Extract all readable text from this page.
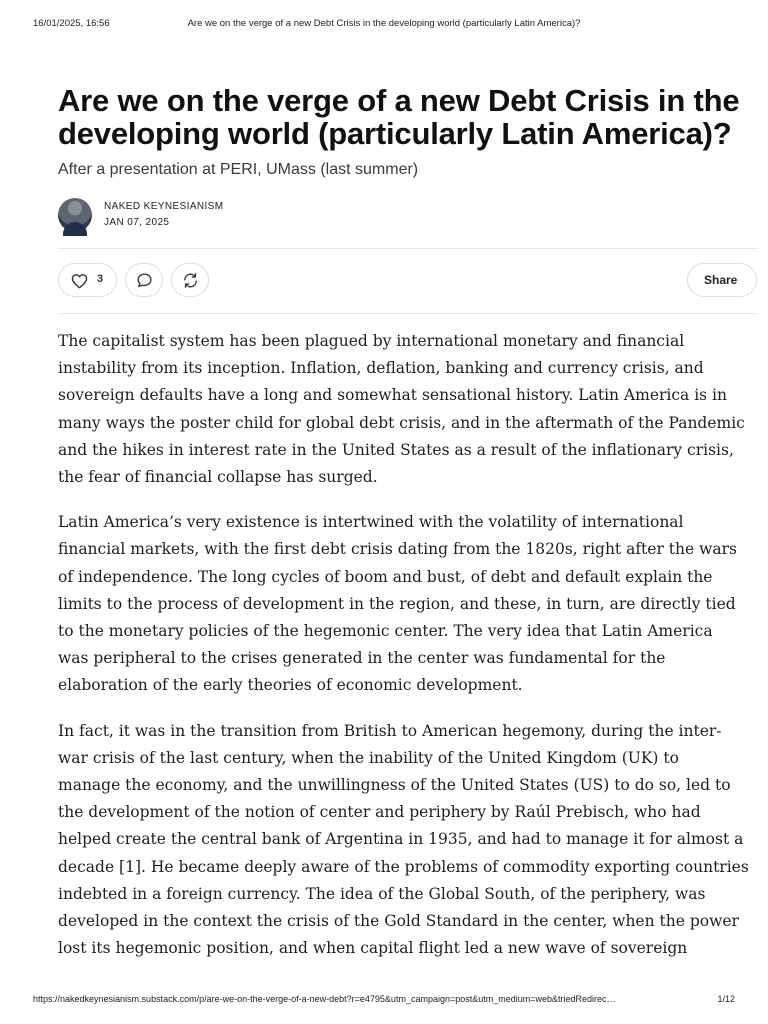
16/01/2025, 16:56	Are we on the verge of a new Debt Crisis in the developing world (particularly Latin America)?
Are we on the verge of a new Debt Crisis in the
developing world (particularly Latin America)?
After a presentation at PERI, UMass (last summer)
NAKED KEYNESIANISM
JAN 07, 2025
3	Share

The capitalist system has been plagued by international monetary and financial
instability from its inception. Inflation, deflation, banking and currency crisis, and
sovereign defaults have a long and somewhat sensational history. Latin America is in
many ways the poster child for global debt crisis, and in the aftermath of the Pandemic
and the hikes in interest rate in the United States as a result of the inflationary crisis,
the fear of financial collapse has surged.

Latin America’s very existence is intertwined with the volatility of international
financial markets, with the first debt crisis dating from the 1820s, right after the wars
of independence. The long cycles of boom and bust, of debt and default explain the
limits to the process of development in the region, and these, in turn, are directly tied
to the monetary policies of the hegemonic center. The very idea that Latin America
was peripheral to the crises generated in the center was fundamental for the
elaboration of the early theories of economic development.

In fact, it was in the transition from British to American hegemony, during the inter-
war crisis of the last century, when the inability of the United Kingdom (UK) to
manage the economy, and the unwillingness of the United States (US) to do so, led to
the development of the notion of center and periphery by Raúl Prebisch, who had
helped create the central bank of Argentina in 1935, and had to manage it for almost a
decade [1]. He became deeply aware of the problems of commodity exporting countries
indebted in a foreign currency. The idea of the Global South, of the periphery, was
developed in the context the crisis of the Gold Standard in the center, when the power
lost its hegemonic position, and when capital flight led a new wave of sovereign

https://nakedkeynesianism.substack.com/p/are-we-on-the-verge-of-a-new-debt?r=e4795&utm_campaign=post&utm_medium=web&triedRedirec…	1/12
